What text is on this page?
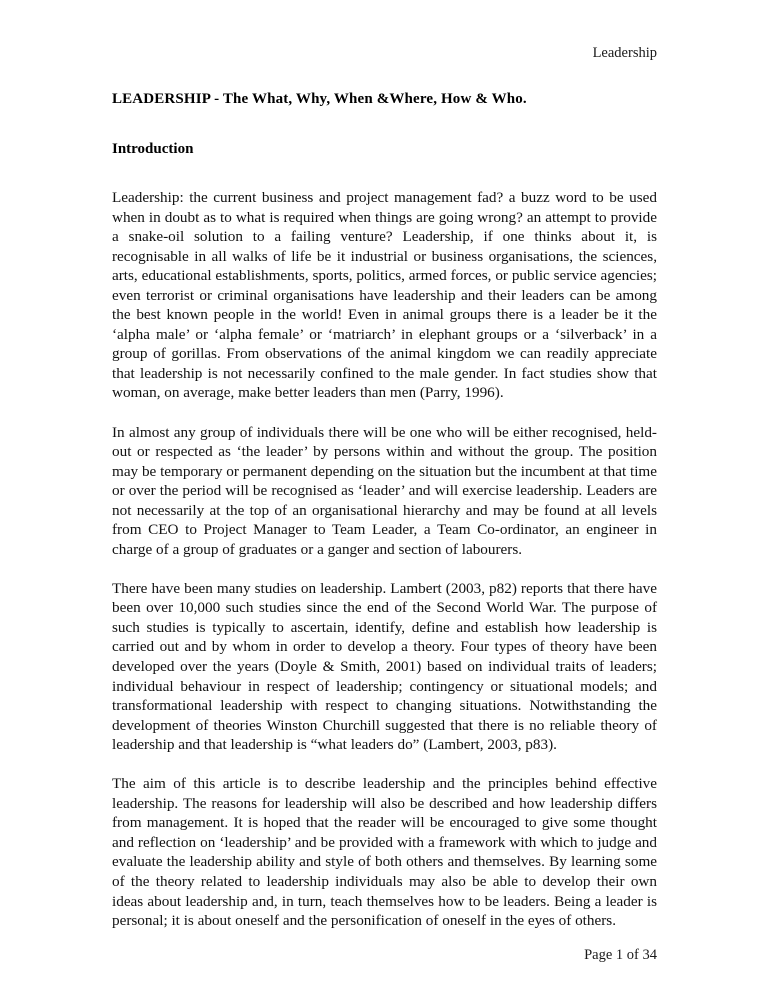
Leadership
LEADERSHIP - The What, Why, When &Where, How & Who.
Introduction

Leadership: the current business and project management fad? a buzz word to be used when in doubt as to what is required when things are going wrong? an attempt to provide a snake-oil solution to a failing venture? Leadership, if one thinks about it, is recognisable in all walks of life be it industrial or business organisations, the sciences, arts, educational establishments, sports, politics, armed forces, or public service agencies; even terrorist or criminal organisations have leadership and their leaders can be among the best known people in the world! Even in animal groups there is a leader be it the ‘alpha male’ or ‘alpha female’ or ‘matriarch’ in elephant groups or a ‘silverback’ in a group of gorillas. From observations of the animal kingdom we can readily appreciate that leadership is not necessarily confined to the male gender. In fact studies show that woman, on average, make better leaders than men (Parry, 1996).

In almost any group of individuals there will be one who will be either recognised, held-out or respected as ‘the leader’ by persons within and without the group. The position may be temporary or permanent depending on the situation but the incumbent at that time or over the period will be recognised as ‘leader’ and will exercise leadership. Leaders are not necessarily at the top of an organisational hierarchy and may be found at all levels from CEO to Project Manager to Team Leader, a Team Co-ordinator, an engineer in charge of a group of graduates or a ganger and section of labourers.

There have been many studies on leadership. Lambert (2003, p82) reports that there have been over 10,000 such studies since the end of the Second World War. The purpose of such studies is typically to ascertain, identify, define and establish how leadership is carried out and by whom in order to develop a theory. Four types of theory have been developed over the years (Doyle & Smith, 2001) based on individual traits of leaders; individual behaviour in respect of leadership; contingency or situational models; and transformational leadership with respect to changing situations. Notwithstanding the development of theories Winston Churchill suggested that there is no reliable theory of leadership and that leadership is “what leaders do” (Lambert, 2003, p83).

The aim of this article is to describe leadership and the principles behind effective leadership. The reasons for leadership will also be described and how leadership differs from management. It is hoped that the reader will be encouraged to give some thought and reflection on ‘leadership’ and be provided with a framework with which to judge and evaluate the leadership ability and style of both others and themselves. By learning some of the theory related to leadership individuals may also be able to develop their own ideas about leadership and, in turn, teach themselves how to be leaders. Being a leader is personal; it is about oneself and the personification of oneself in the eyes of others.

Page 1 of 34
